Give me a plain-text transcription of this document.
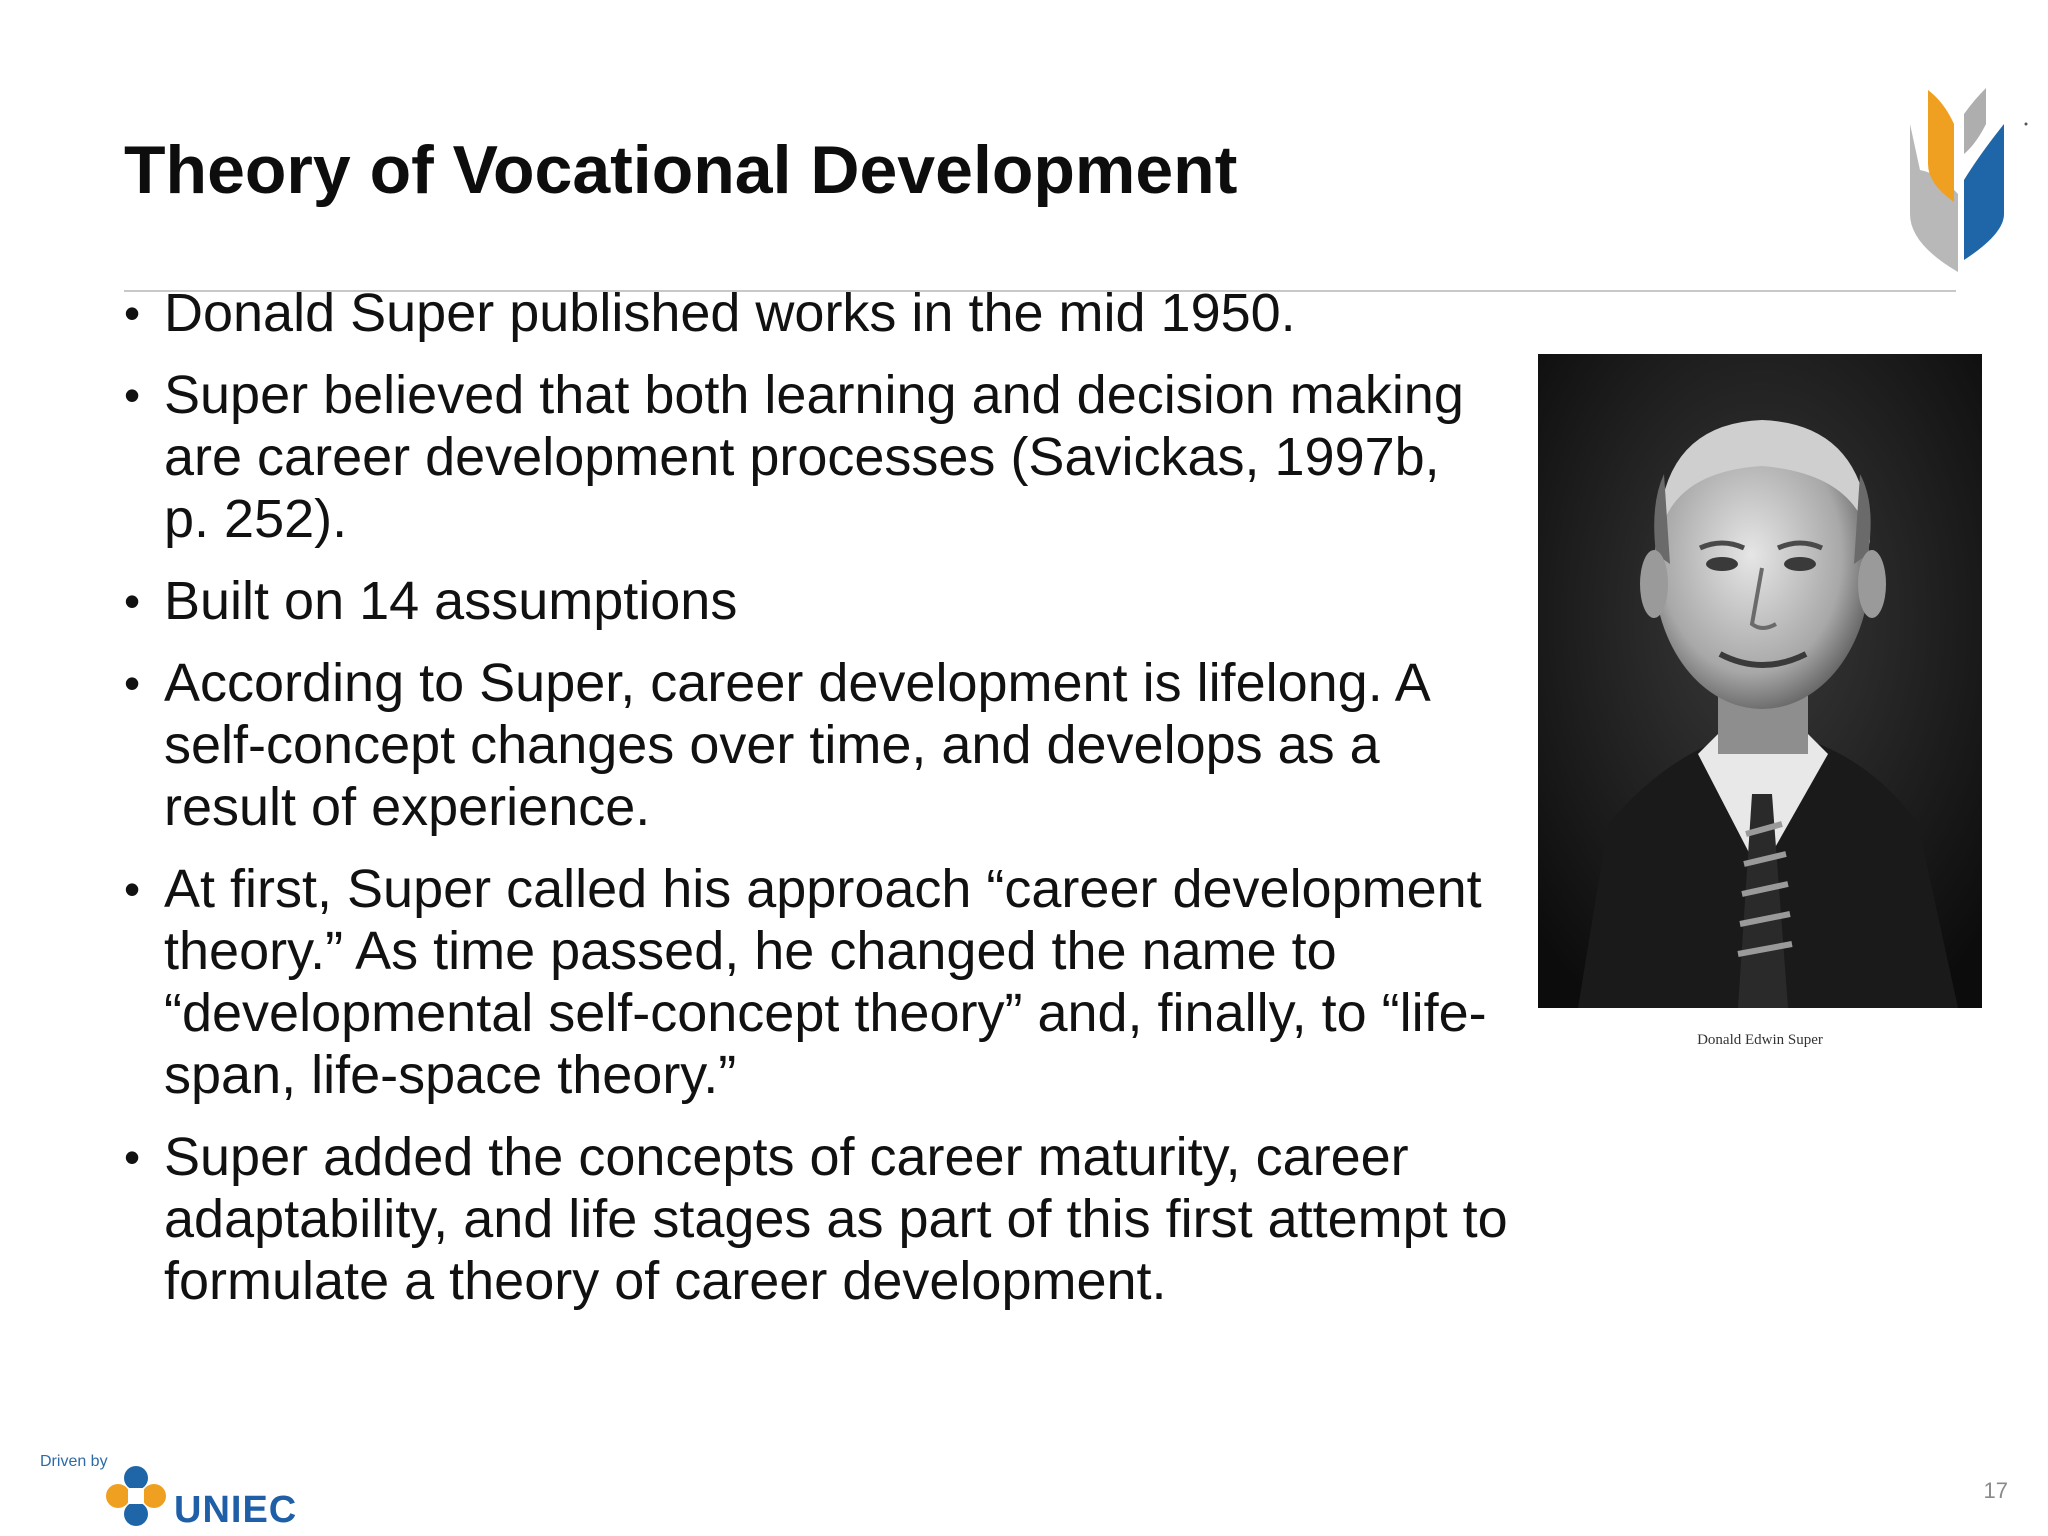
Theory of Vocational Development
• Donald Super published works in the mid 1950.
• Super believed that both learning and decision making are career development processes (Savickas, 1997b, p. 252).
• Built on 14 assumptions
• According to Super, career development is lifelong. A self-concept changes over time, and develops as a result of experience.
• At first, Super called his approach “career development theory.” As time passed, he changed the name to “developmental self-concept theory” and, finally, to “life-span, life-space theory.”
• Super added the concepts of career maturity, career adaptability, and life stages as part of this first attempt to formulate a theory of career development.
Donald Edwin Super
Driven by
UNIEC	17
